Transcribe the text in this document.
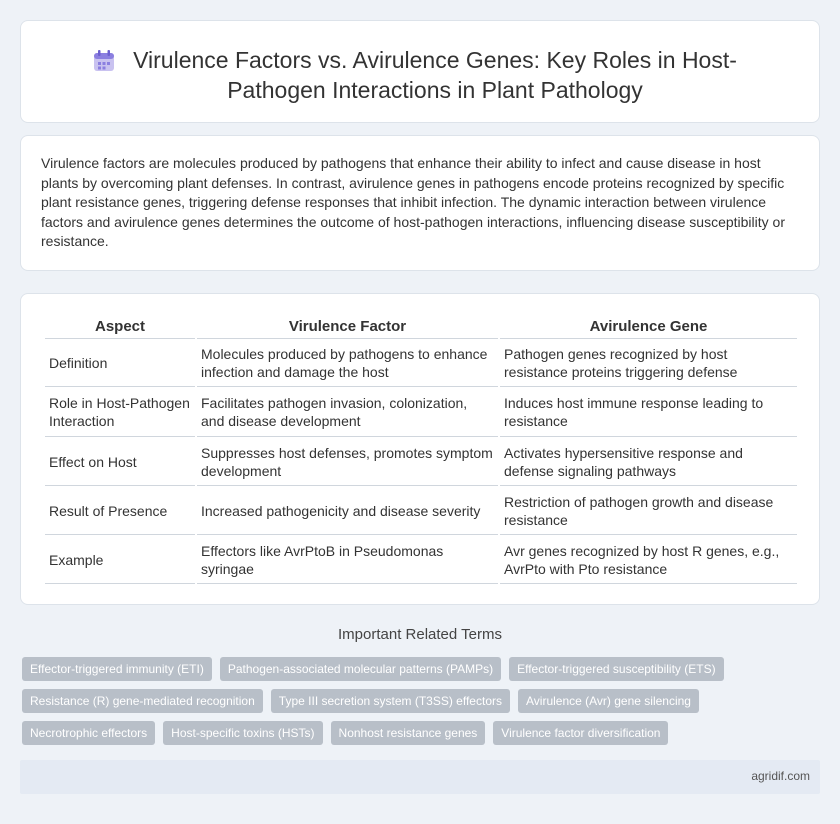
Virulence Factors vs. Avirulence Genes: Key Roles in Host-Pathogen Interactions in Plant Pathology

Virulence factors are molecules produced by pathogens that enhance their ability to infect and cause disease in host plants by overcoming plant defenses. In contrast, avirulence genes in pathogens encode proteins recognized by specific plant resistance genes, triggering defense responses that inhibit infection. The dynamic interaction between virulence factors and avirulence genes determines the outcome of host-pathogen interactions, influencing disease susceptibility or resistance.

Aspect	Virulence Factor	Avirulence Gene
Definition	Molecules produced by pathogens to enhance infection and damage the host	Pathogen genes recognized by host resistance proteins triggering defense
Role in Host-Pathogen Interaction	Facilitates pathogen invasion, colonization, and disease development	Induces host immune response leading to resistance
Effect on Host	Suppresses host defenses, promotes symptom development	Activates hypersensitive response and defense signaling pathways
Result of Presence	Increased pathogenicity and disease severity	Restriction of pathogen growth and disease resistance
Example	Effectors like AvrPtoB in Pseudomonas syringae	Avr genes recognized by host R genes, e.g., AvrPto with Pto resistance
Important Related Terms
Effector-triggered immunity (ETI)	Pathogen-associated molecular patterns (PAMPs)	Effector-triggered susceptibility (ETS)
Resistance (R) gene-mediated recognition	Type III secretion system (T3SS) effectors	Avirulence (Avr) gene silencing
Necrotrophic effectors	Host-specific toxins (HSTs)	Nonhost resistance genes	Virulence factor diversification
agridif.com
